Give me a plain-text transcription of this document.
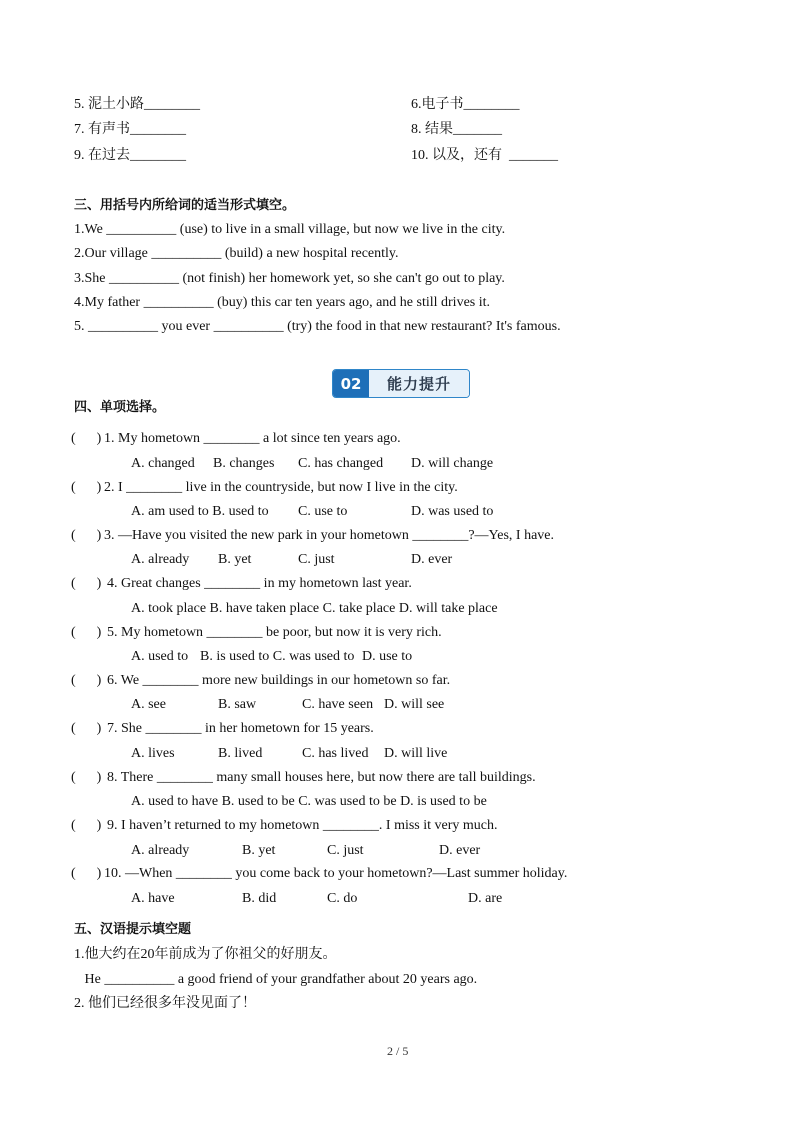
5. 泥土小路________	6.电子书________
7. 有声书________	8. 结果_______
9. 在过去________	10. 以及，还有  _______
三、用括号内所给词的适当形式填空。
1.We __________ (use) to live in a small village, but now we live in the city.
2.Our village __________ (build) a new hospital recently.
3.She __________ (not finish) her homework yet, so she can't go out to play.
4.My father __________ (buy) this car ten years ago, and he still drives it.
5. __________ you ever __________ (try) the food in that new restaurant? It's famous.
02	能力提升
四、单项选择。
(      ) 1. My hometown ________ a lot since ten years ago.
A. changed B. changes C. has changed D. will change
(      ) 2. I ________ live in the countryside, but now I live in the city.
A. am used to B. used to C. use to	D. was used to
(      ) 3. —Have you visited the new park in your hometown ________?—Yes, I have.
A. already B. yet	C. just	D. ever
(      ) 4. Great changes ________ in my hometown last year.
A. took place B. have taken place C. take place D. will take place
(      ) 5. My hometown ________ be poor, but now it is very rich.
A. used to B. is used to C. was used to D. use to
(      ) 6. We ________ more new buildings in our hometown so far.
A. see	B. saw	C. have seen D. will see
(      ) 7. She ________ in her hometown for 15 years.
A. lives	B. lived	C. has lived D. will live
(      ) 8. There ________ many small houses here, but now there are tall buildings.
A. used to have B. used to be C. was used to be D. is used to be
(      ) 9. I haven’t returned to my hometown ________. I miss it very much.
A. already	B. yet	C. just	D. ever
(      ) 10. —When ________ you come back to your hometown?—Last summer holiday.
A. have	B. did	C. do	D. are
五、汉语提示填空题
1.他大约在20年前成为了你祖父的好朋友。
He __________ a good friend of your grandfather about 20 years ago.
2. 他们已经很多年没见面了！
2 / 5
